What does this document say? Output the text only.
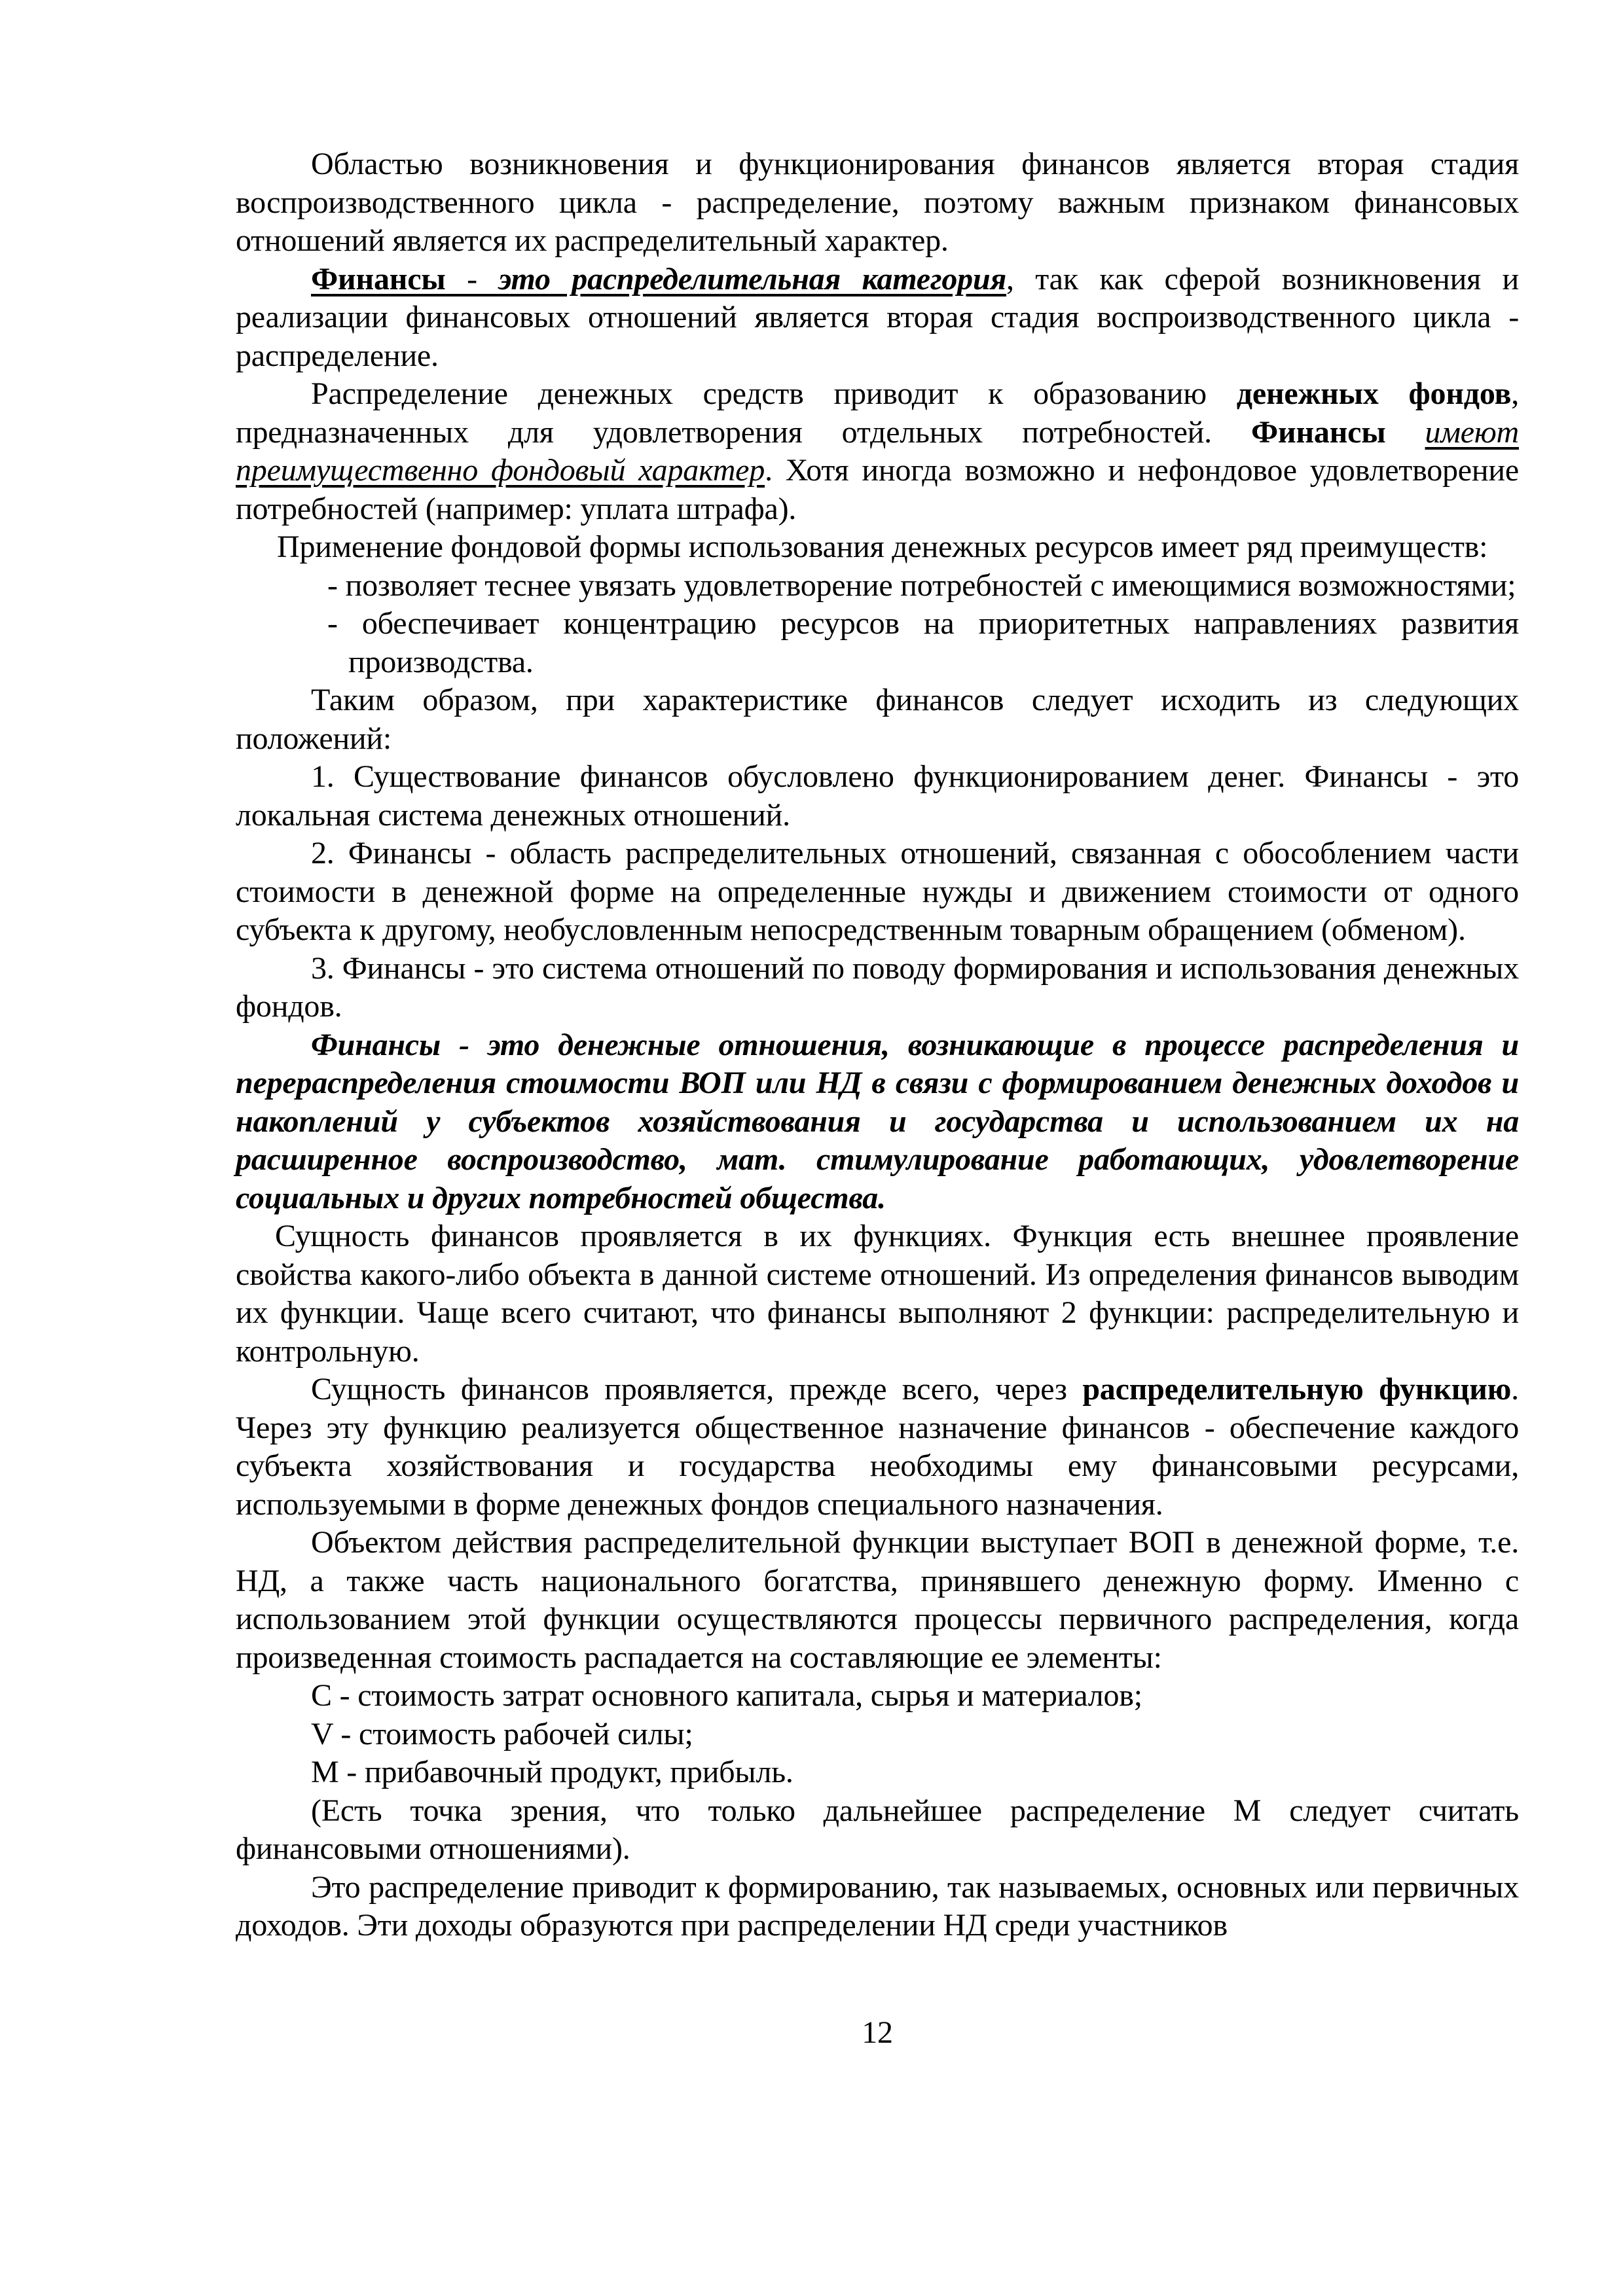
Областью возникновения и функционирования финансов является вторая стадия воспроизводственного цикла - распределение, поэтому важным признаком финансовых отношений является их распределительный характер.

Финансы - это распределительная категория, так как сферой возникновения и реализации финансовых отношений является вторая стадия воспроизводственного цикла - распределение.

Распределение денежных средств приводит к образованию денежных фондов, предназначенных для удовлетворения отдельных потребностей. Финансы имеют преимущественно фондовый характер. Хотя иногда возможно и нефондовое удовлетворение потребностей (например: уплата штрафа).

Применение фондовой формы использования денежных ресурсов имеет ряд преимуществ:

- позволяет теснее увязать удовлетворение потребностей с имеющимися возможностями;

- обеспечивает концентрацию ресурсов на приоритетных направлениях развития производства.

Таким образом, при характеристике финансов следует исходить из следующих положений:

1. Существование финансов обусловлено функционированием денег. Финансы - это локальная система денежных отношений.

2. Финансы - область распределительных отношений, связанная с обособлением части стоимости в денежной форме на определенные нужды и движением стоимости от одного субъекта к другому, необусловленным непосредственным товарным обращением (обменом).

3. Финансы - это система отношений по поводу формирования и использования денежных фондов.

Финансы - это денежные отношения, возникающие в процессе распределения и перераспределения стоимости ВОП или НД в связи с формированием денежных доходов и накоплений у субъектов хозяйствования и государства и использованием их на расширенное воспроизводство, мат. стимулирование работающих, удовлетворение социальных и других потребностей общества.

Сущность финансов проявляется в их функциях. Функция есть внешнее проявление свойства какого-либо объекта в данной системе отношений. Из определения финансов выводим их функции. Чаще всего считают, что финансы выполняют 2 функции: распределительную и контрольную.

Сущность финансов проявляется, прежде всего, через распределительную функцию. Через эту функцию реализуется общественное назначение финансов - обеспечение каждого субъекта хозяйствования и государства необходимы ему финансовыми ресурсами, используемыми в форме денежных фондов специального назначения.

Объектом действия распределительной функции выступает ВОП в денежной форме, т.е. НД, а также часть национального богатства, принявшего денежную форму. Именно с использованием этой функции осуществляются процессы первичного распределения, когда произведенная стоимость распадается на составляющие ее элементы:

С - стоимость затрат основного капитала, сырья и материалов;

V - стоимость рабочей силы;

М - прибавочный продукт, прибыль.

(Есть точка зрения, что только дальнейшее распределение М следует считать финансовыми отношениями).

Это распределение приводит к формированию, так называемых, основных или первичных доходов. Эти доходы образуются при распределении НД среди участников

12
